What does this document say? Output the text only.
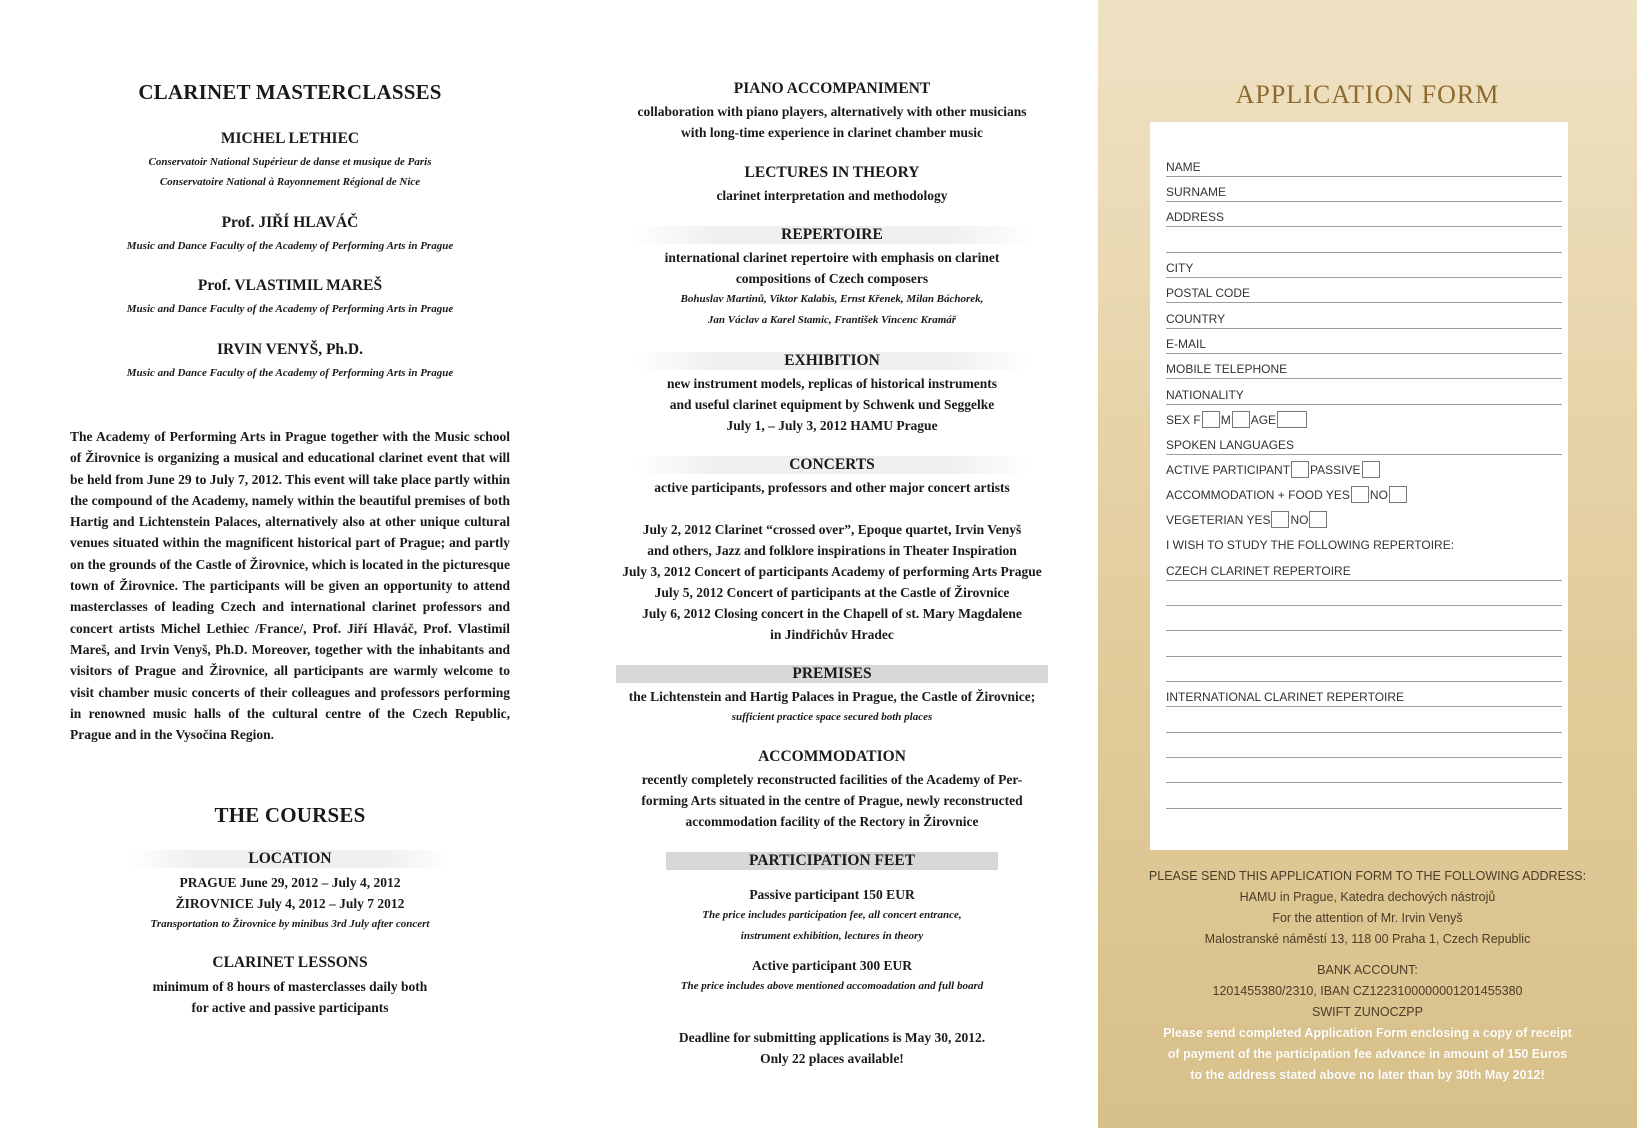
CLARINET MASTERCLASSES
MICHEL LETHIEC
Conservatoir National Supérieur de danse et musique de Paris
Conservatoire National à Rayonnement Régional de Nice
Prof. JIŘÍ HLAVÁČ
Music and Dance Faculty of the Academy of Performing Arts in Prague
Prof. VLASTIMIL MAREŠ
Music and Dance Faculty of the Academy of Performing Arts in Prague
IRVIN VENYŠ, Ph.D.
Music and Dance Faculty of the Academy of Performing Arts in Prague
The Academy of Performing Arts in Prague together with the Music school of Žirovnice is organizing a musical and educational clarinet event that will be held from June 29 to July 7, 2012. This event will take place partly within the compound of the Academy, namely within the beautiful premises of both Hartig and Lichtenstein Palaces, alternatively also at other unique cultural venues situated within the magnificent historical part of Prague; and partly on the grounds of the Castle of Žirovnice, which is located in the picturesque town of Žirovnice. The participants will be given an opportunity to attend masterclasses of leading Czech and international clarinet professors and concert artists Michel Lethiec /France/, Prof. Jiří Hlaváč, Prof. Vlastimil Mareš, and Irvin Venyš, Ph.D. Moreover, together with the inhabitants and visitors of Prague and Žirovnice, all participants are warmly welcome to visit chamber music concerts of their colleagues and professors performing in renowned music halls of the cultural centre of the Czech Republic, Prague and in the Vysočina Region.
THE COURSES
LOCATION
PRAGUE June 29, 2012 – July 4, 2012
ŽIROVNICE July 4, 2012 – July 7 2012
Transportation to Žirovnice by minibus 3rd July after concert
CLARINET LESSONS
minimum of 8 hours of masterclasses daily both
for active and passive participants
PIANO ACCOMPANIMENT
collaboration with piano players, alternatively with other musicians
with long-time experience in clarinet chamber music
LECTURES IN THEORY
clarinet interpretation and methodology
REPERTOIRE
international clarinet repertoire with emphasis on clarinet
compositions of Czech composers
Bohuslav Martinů, Viktor Kalabis, Ernst Křenek, Milan Báchorek,
Jan Václav a Karel Stamic, František Vincenc Kramář
EXHIBITION
new instrument models, replicas of historical instruments
and useful clarinet equipment by Schwenk und Seggelke
July 1, – July 3, 2012 HAMU Prague
CONCERTS
active participants, professors and other major concert artists
July 2, 2012 Clarinet “crossed over”, Epoque quartet, Irvin Venyš
and others, Jazz and folklore inspirations in Theater Inspiration
July 3, 2012 Concert of participants Academy of performing Arts Prague
July 5, 2012 Concert of participants at the Castle of Žirovnice
July 6, 2012 Closing concert in the Chapell of st. Mary Magdalene
in Jindřichův Hradec
PREMISES
the Lichtenstein and Hartig Palaces in Prague, the Castle of Žirovnice;
sufficient practice space secured both places
ACCOMMODATION
recently completely reconstructed facilities of the Academy of Per-
forming Arts situated in the centre of Prague, newly reconstructed
accommodation facility of the Rectory in Žirovnice
PARTICIPATION FEET
Passive participant 150 EUR
The price includes participation fee, all concert entrance,
instrument exhibition, lectures in theory
Active participant 300 EUR
The price includes above mentioned accomoadation and full board
Deadline for submitting applications is May 30, 2012.
Only 22 places available!
APPLICATION FORM
NAME
SURNAME
ADDRESS
CITY
POSTAL CODE
COUNTRY
E-MAIL
MOBILE TELEPHONE
NATIONALITY
SEX F M AGE
SPOKEN LANGUAGES
ACTIVE PARTICIPANT PASSIVE
ACCOMMODATION + FOOD YES NO
VEGETERIAN YES NO
I WISH TO STUDY THE FOLLOWING REPERTOIRE:
CZECH CLARINET REPERTOIRE
INTERNATIONAL CLARINET REPERTOIRE
PLEASE SEND THIS APPLICATION FORM TO THE FOLLOWING ADDRESS:
HAMU in Prague, Katedra dechových nástrojů
For the attention of Mr. Irvin Venyš
Malostranské náměstí 13, 118 00 Praha 1, Czech Republic
BANK ACCOUNT:
1201455380/2310, IBAN CZ1223100000001201455380
SWIFT ZUNOCZPP
Please send completed Application Form enclosing a copy of receipt
of payment of the participation fee advance in amount of 150 Euros
to the address stated above no later than by 30th May 2012!
